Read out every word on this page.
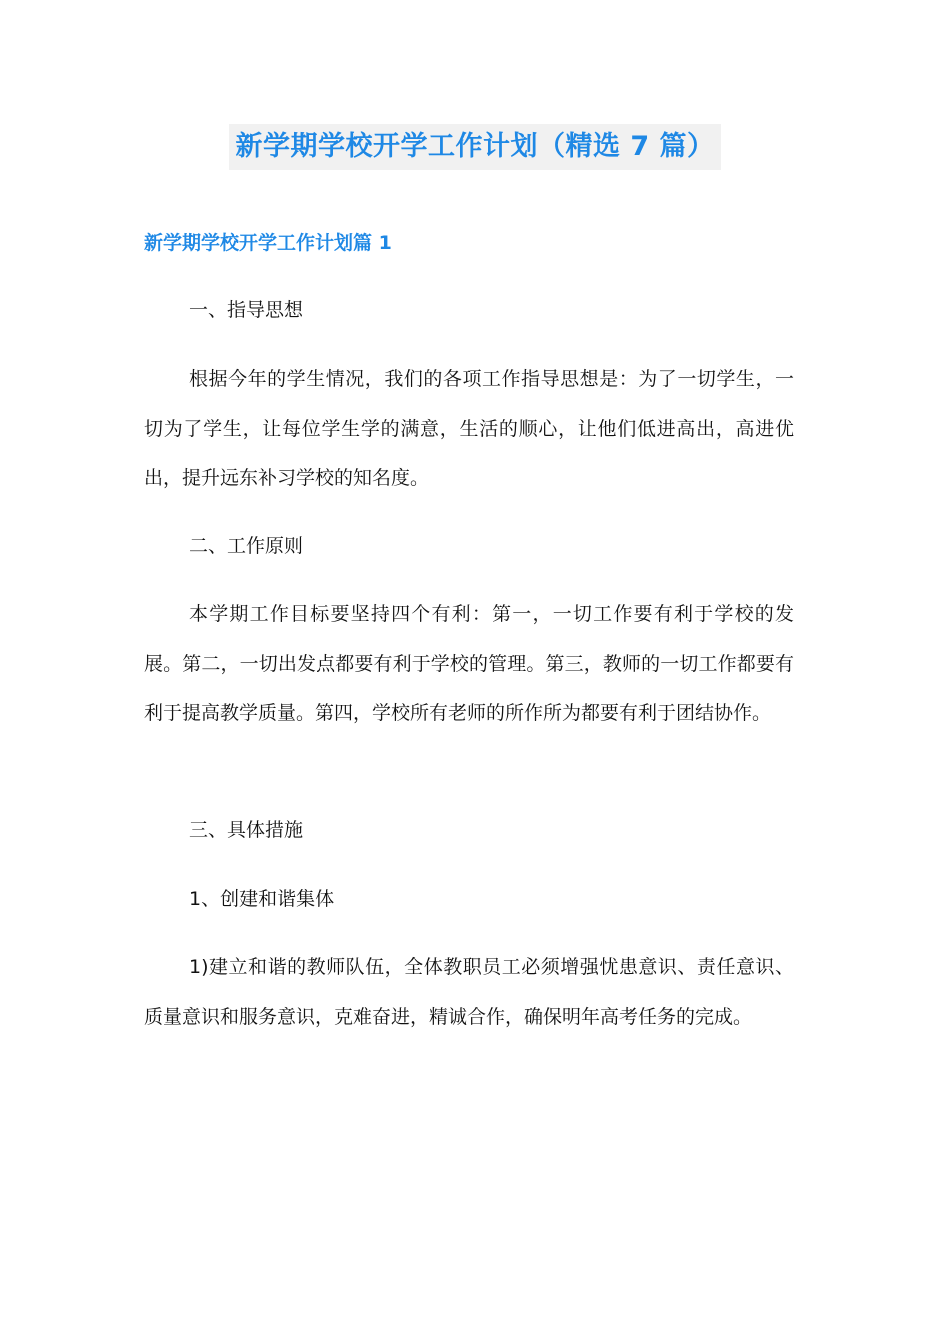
新学期学校开学工作计划（精选 7 篇）
新学期学校开学工作计划篇 1

一、指导思想

根据今年的学生情况，我们的各项工作指导思想是：为了一切学生，一切为了学生，让每位学生学的满意，生活的顺心，让他们低进高出，高进优出，提升远东补习学校的知名度。

二、工作原则

本学期工作目标要坚持四个有利：第一，一切工作要有利于学校的发展。第二，一切出发点都要有利于学校的管理。第三，教师的一切工作都要有利于提高教学质量。第四，学校所有老师的所作所为都要有利于团结协作。

三、具体措施

1、创建和谐集体

1)建立和谐的教师队伍，全体教职员工必须增强忧患意识、责任意识、质量意识和服务意识，克难奋进，精诚合作，确保明年高考任务的完成。
